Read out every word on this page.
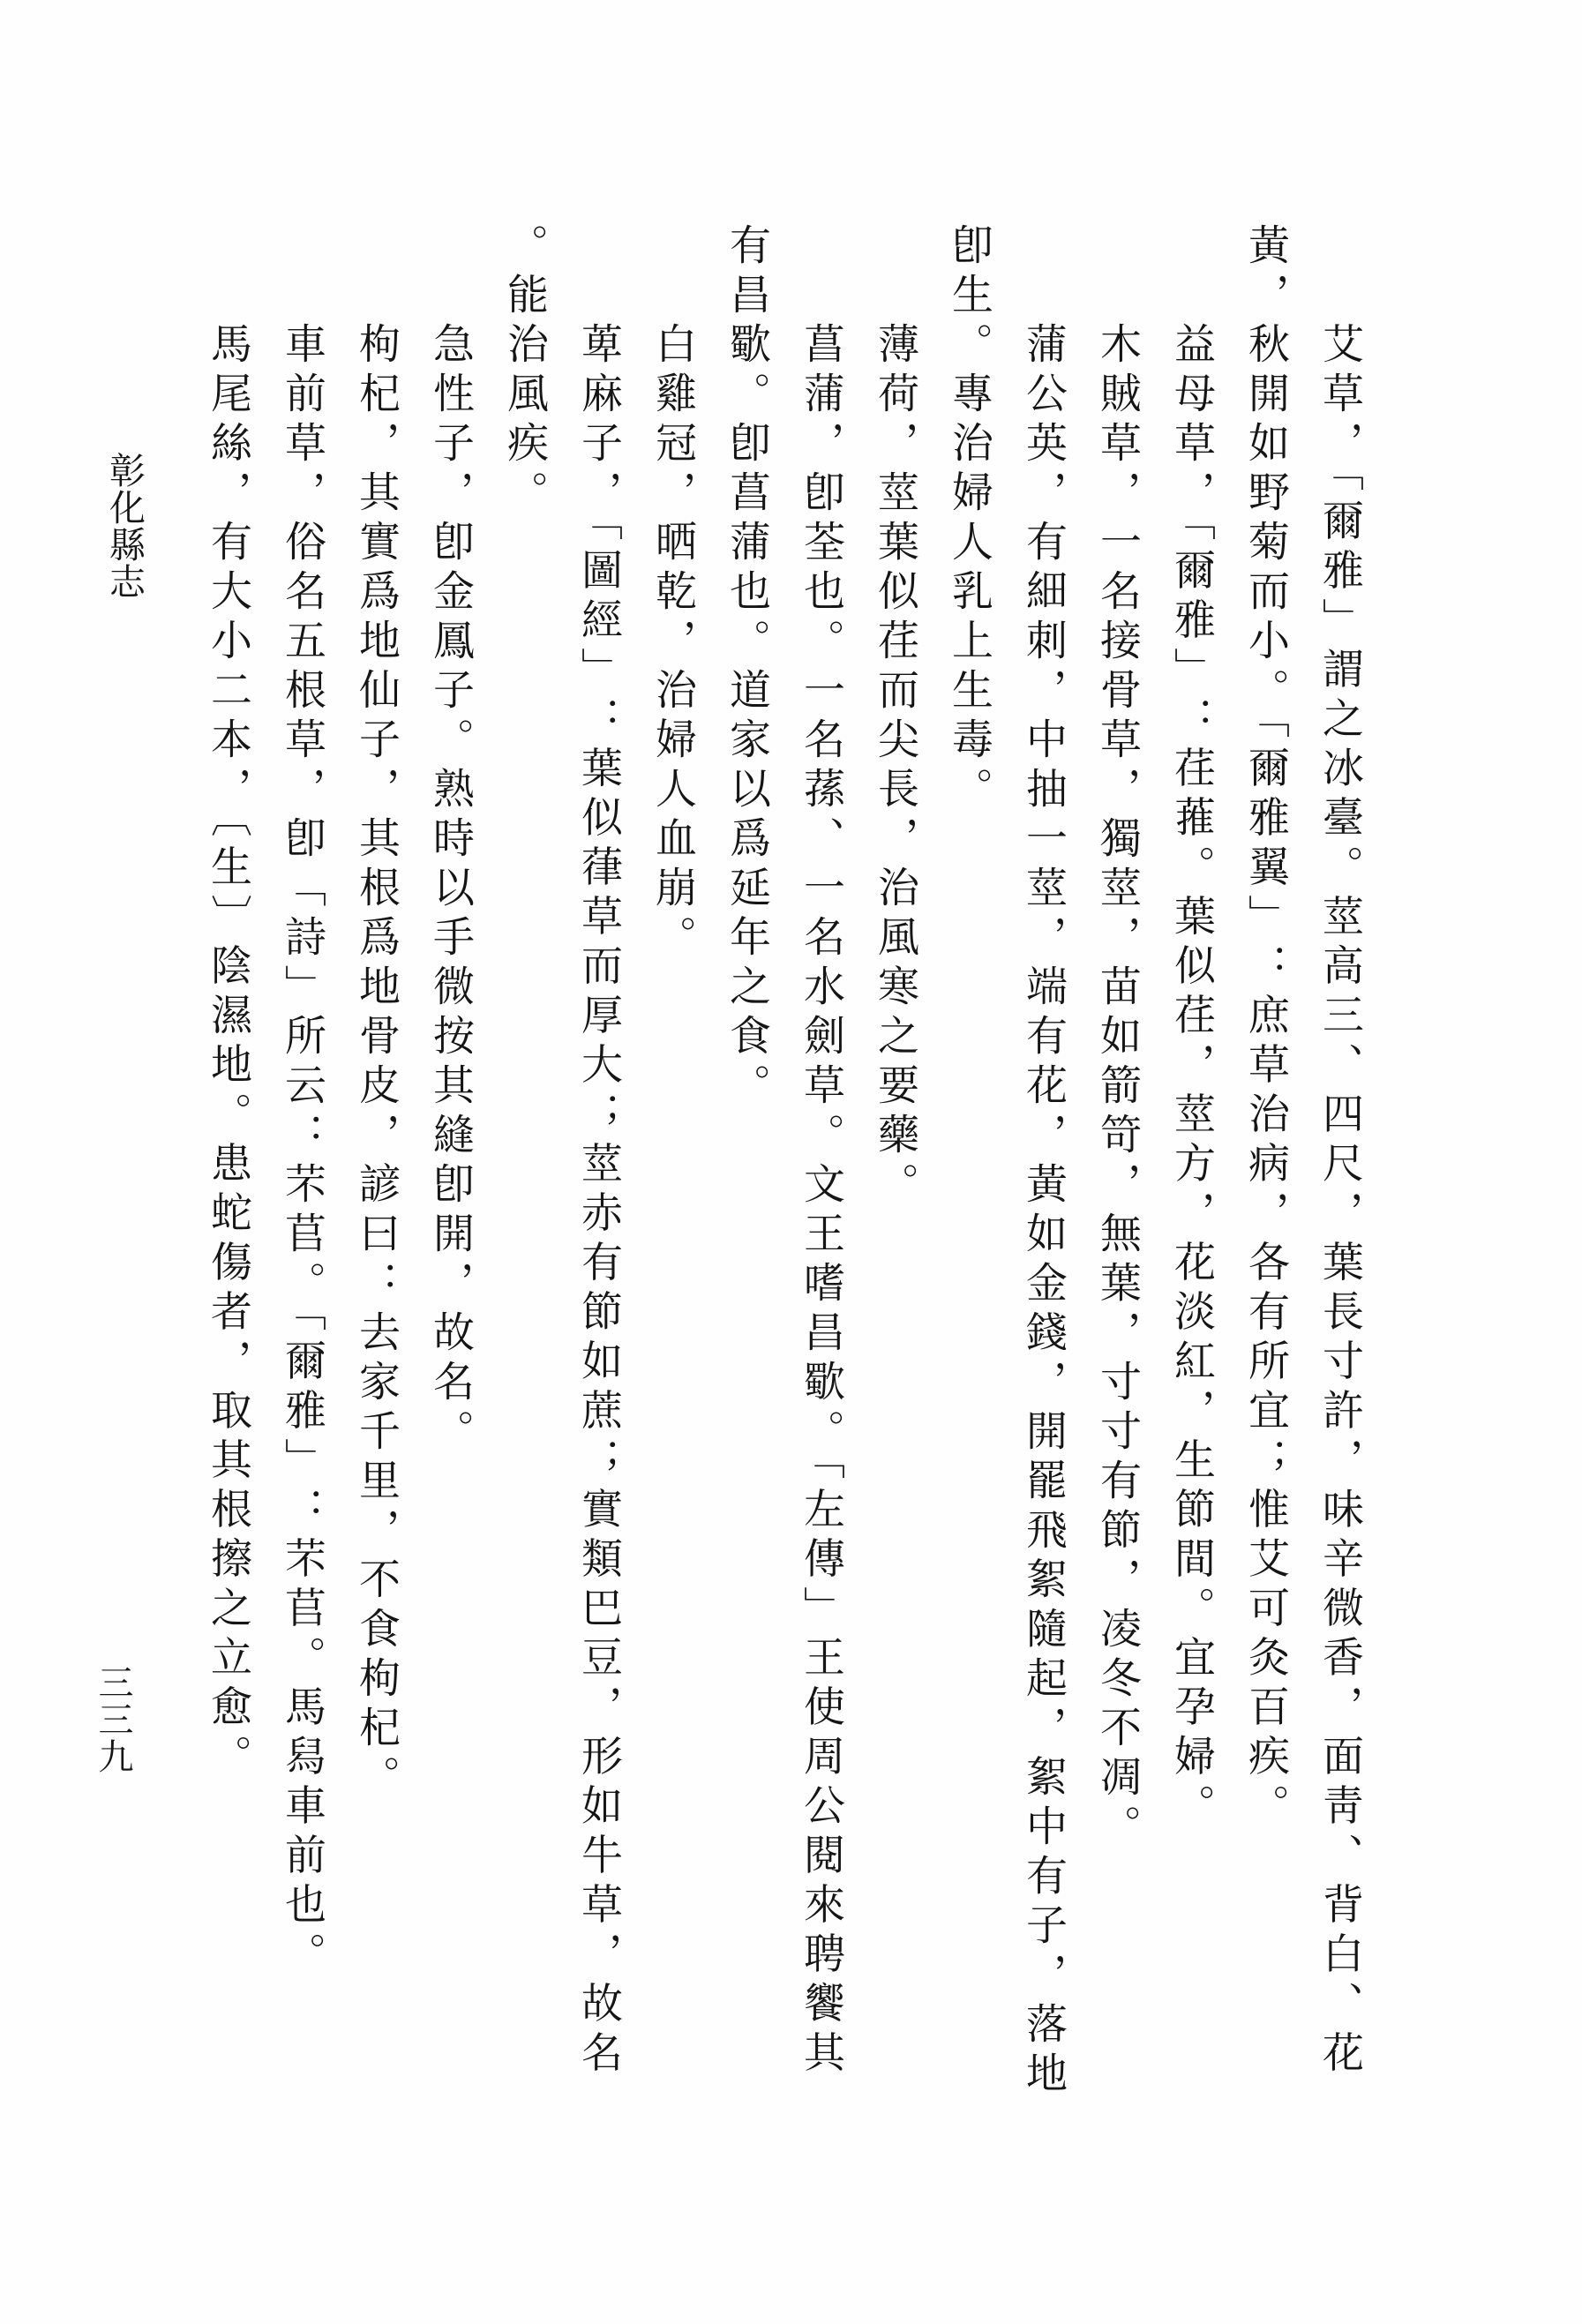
艾草，「爾雅」謂之冰臺。莖高三、四尺，葉長寸許，味辛微香，面靑、背白、花
黃，秋開如野菊而小。「爾雅翼」：庶草治病，各有所宜；惟艾可灸百疾。
益母草，「爾雅」：荏蓷。葉似荏，莖方，花淡紅，生節間。宜孕婦。
木賊草，一名接骨草，獨莖，苗如箭笴，無葉，寸寸有節，凌冬不凋。
蒲公英，有細刺，中抽一莖，端有花，黃如金錢，開罷飛絮隨起，絮中有子，落地
卽生。專治婦人乳上生毒。
薄荷，莖葉似荏而尖長，治風寒之要藥。
菖蒲，卽荃也。一名蓀、一名水劍草。文王嗜昌歜。「左傳」王使周公閱來聘饗其
有昌歜。卽菖蒲也。道家以爲延年之食。
白雞冠，晒乾，治婦人血崩。
萆麻子，「圖經」：葉似葎草而厚大；莖赤有節如蔗；實類巴豆，形如牛草，故名
。能治風疾。
急性子，卽金鳳子。熟時以手微按其縫卽開，故名。
枸杞，其實爲地仙子，其根爲地骨皮，諺曰：去家千里，不食枸杞。
車前草，俗名五根草，卽「詩」所云：芣苢。「爾雅」：芣苢。馬舄車前也。
馬尾絲，有大小二本，〔生〕陰濕地。患蛇傷者，取其根擦之立愈。
彰化縣志
三三九
